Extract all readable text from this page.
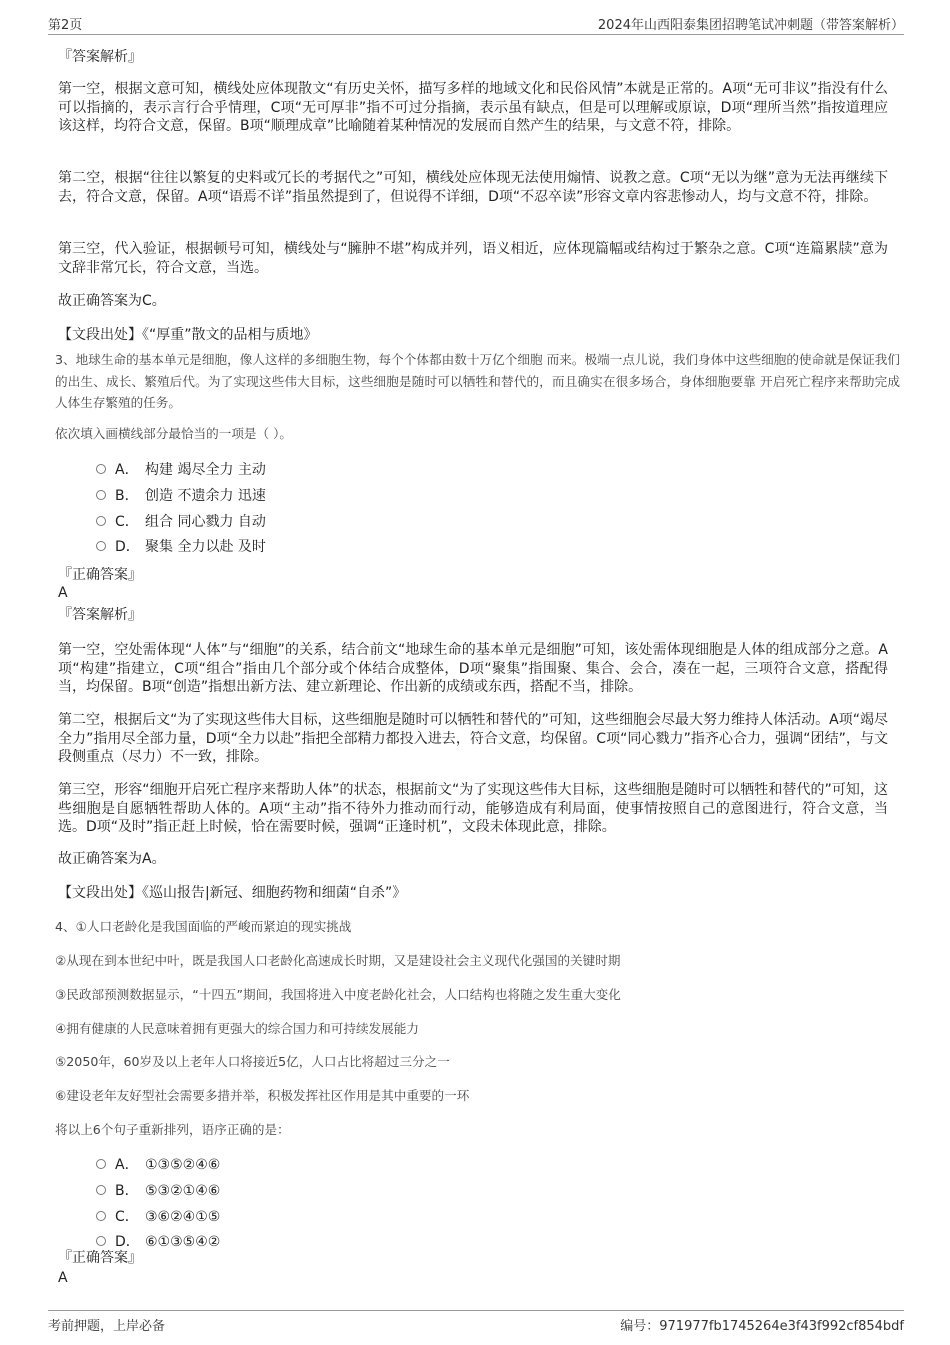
第2页	2024年山西阳泰集团招聘笔试冲刺题（带答案解析）
『答案解析』
第一空，根据文意可知，横线处应体现散文“有历史关怀，描写多样的地域文化和民俗风情”本就是正常的。A项“无可非议”指没有什么可以指摘的，表示言行合乎情理，C项“无可厚非”指不可过分指摘，表示虽有缺点，但是可以理解或原谅，D项“理所当然”指按道理应该这样，均符合文意，保留。B项“顺理成章”比喻随着某种情况的发展而自然产生的结果，与文意不符，排除。
第二空，根据“往往以繁复的史料或冗长的考据代之”可知，横线处应体现无法使用煽情、说教之意。C项“无以为继”意为无法再继续下去，符合文意，保留。A项“语焉不详”指虽然提到了，但说得不详细，D项“不忍卒读”形容文章内容悲惨动人，均与文意不符，排除。
第三空，代入验证，根据顿号可知，横线处与“臃肿不堪”构成并列，语义相近，应体现篇幅或结构过于繁杂之意。C项“连篇累牍”意为文辞非常冗长，符合文意，当选。
故正确答案为C。
【文段出处】《“厚重”散文的品相与质地》
3、地球生命的基本单元是细胞，像人这样的多细胞生物，每个个体都由数十万亿个细胞 而来。极端一点儿说，我们身体中这些细胞的使命就是保证我们的出生、成长、繁殖后代。为了实现这些伟大目标，这些细胞是随时可以牺牲和替代的，而且确实在很多场合，身体细胞要靠 开启死亡程序来帮助完成人体生存繁殖的任务。
依次填入画横线部分最恰当的一项是（ ）。
A． 构建 竭尽全力 主动
B． 创造 不遗余力 迅速
C． 组合 同心戮力 自动
D． 聚集 全力以赴 及时
『正确答案』
A
『答案解析』
第一空，空处需体现“人体”与“细胞”的关系，结合前文“地球生命的基本单元是细胞”可知，该处需体现细胞是人体的组成部分之意。A项“构建”指建立，C项“组合”指由几个部分或个体结合成整体，D项“聚集”指围聚、集合、会合，凑在一起，三项符合文意，搭配得当，均保留。B项“创造”指想出新方法、建立新理论、作出新的成绩或东西，搭配不当，排除。
第二空，根据后文“为了实现这些伟大目标，这些细胞是随时可以牺牲和替代的”可知，这些细胞会尽最大努力维持人体活动。A项“竭尽全力”指用尽全部力量，D项“全力以赴”指把全部精力都投入进去，符合文意，均保留。C项“同心戮力”指齐心合力，强调“团结”，与文段侧重点（尽力）不一致，排除。
第三空，形容“细胞开启死亡程序来帮助人体”的状态，根据前文“为了实现这些伟大目标，这些细胞是随时可以牺牲和替代的”可知，这些细胞是自愿牺牲帮助人体的。A项“主动”指不待外力推动而行动，能够造成有利局面，使事情按照自己的意图进行，符合文意，当选。D项“及时”指正赶上时候，恰在需要时候，强调“正逢时机”，文段未体现此意，排除。
故正确答案为A。
【文段出处】《巡山报告|新冠、细胞药物和细菌“自杀”》
4、①人口老龄化是我国面临的严峻而紧迫的现实挑战
②从现在到本世纪中叶，既是我国人口老龄化高速成长时期，又是建设社会主义现代化强国的关键时期
③民政部预测数据显示，“十四五”期间，我国将进入中度老龄化社会，人口结构也将随之发生重大变化
④拥有健康的人民意味着拥有更强大的综合国力和可持续发展能力
⑤2050年，60岁及以上老年人口将接近5亿，人口占比将超过三分之一
⑥建设老年友好型社会需要多措并举，积极发挥社区作用是其中重要的一环
将以上6个句子重新排列，语序正确的是：
A． ①③⑤②④⑥
B． ⑤③②①④⑥
C． ③⑥②④①⑤
D． ⑥①③⑤④②
『正确答案』
A
考前押题，上岸必备	编号：971977fb1745264e3f43f992cf854bdf
